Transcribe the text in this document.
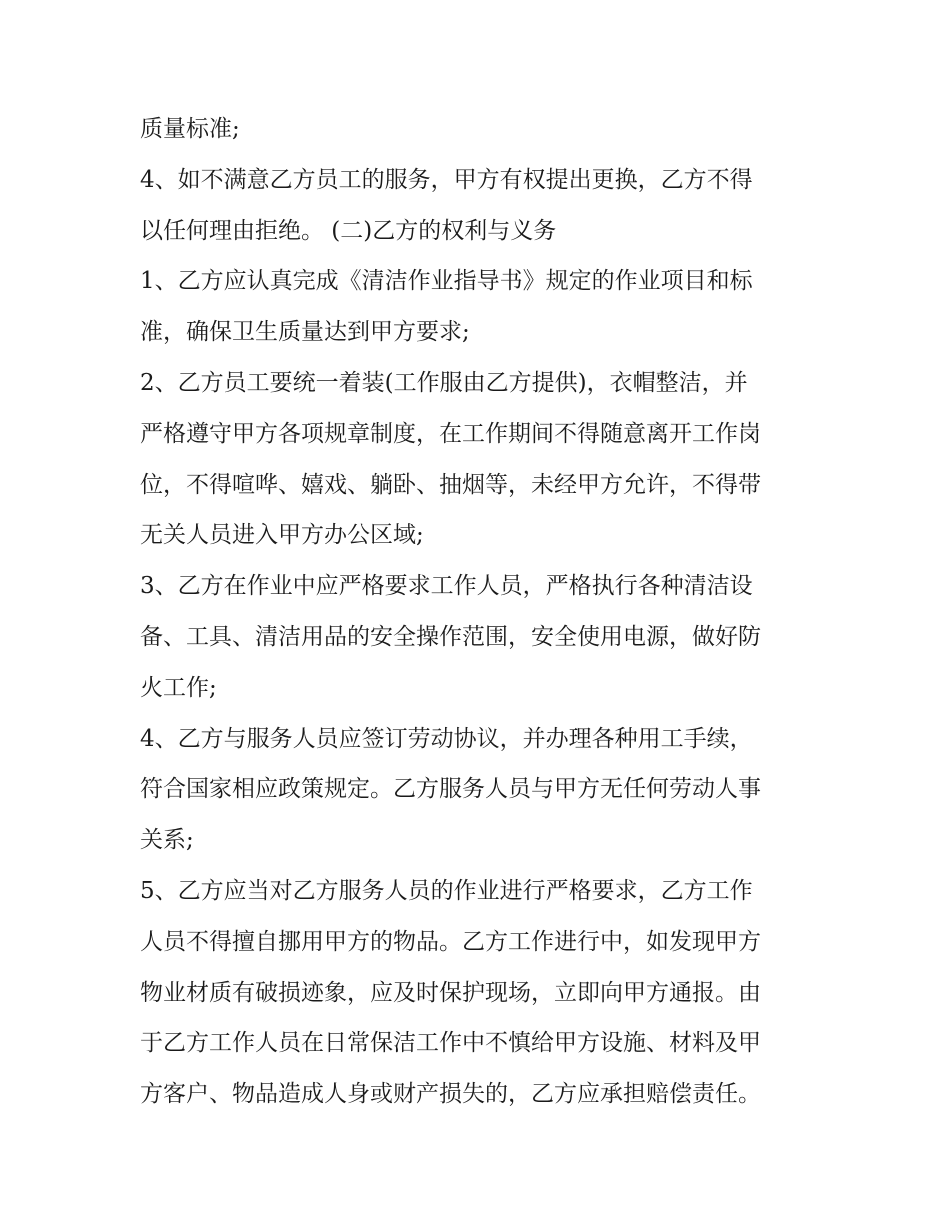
质量标准;
4、如不满意乙方员工的服务，甲方有权提出更换，乙方不得
以任何理由拒绝。 (二)乙方的权利与义务
1、乙方应认真完成《清洁作业指导书》规定的作业项目和标
准，确保卫生质量达到甲方要求;
2、乙方员工要统一着装(工作服由乙方提供)，衣帽整洁，并
严格遵守甲方各项规章制度，在工作期间不得随意离开工作岗
位，不得喧哗、嬉戏、躺卧、抽烟等，未经甲方允许，不得带
无关人员进入甲方办公区域;
3、乙方在作业中应严格要求工作人员，严格执行各种清洁设
备、工具、清洁用品的安全操作范围，安全使用电源，做好防
火工作;
4、乙方与服务人员应签订劳动协议，并办理各种用工手续，
符合国家相应政策规定。乙方服务人员与甲方无任何劳动人事
关系;
5、乙方应当对乙方服务人员的作业进行严格要求，乙方工作
人员不得擅自挪用甲方的物品。乙方工作进行中，如发现甲方
物业材质有破损迹象，应及时保护现场，立即向甲方通报。由
于乙方工作人员在日常保洁工作中不慎给甲方设施、材料及甲
方客户、物品造成人身或财产损失的，乙方应承担赔偿责任。
